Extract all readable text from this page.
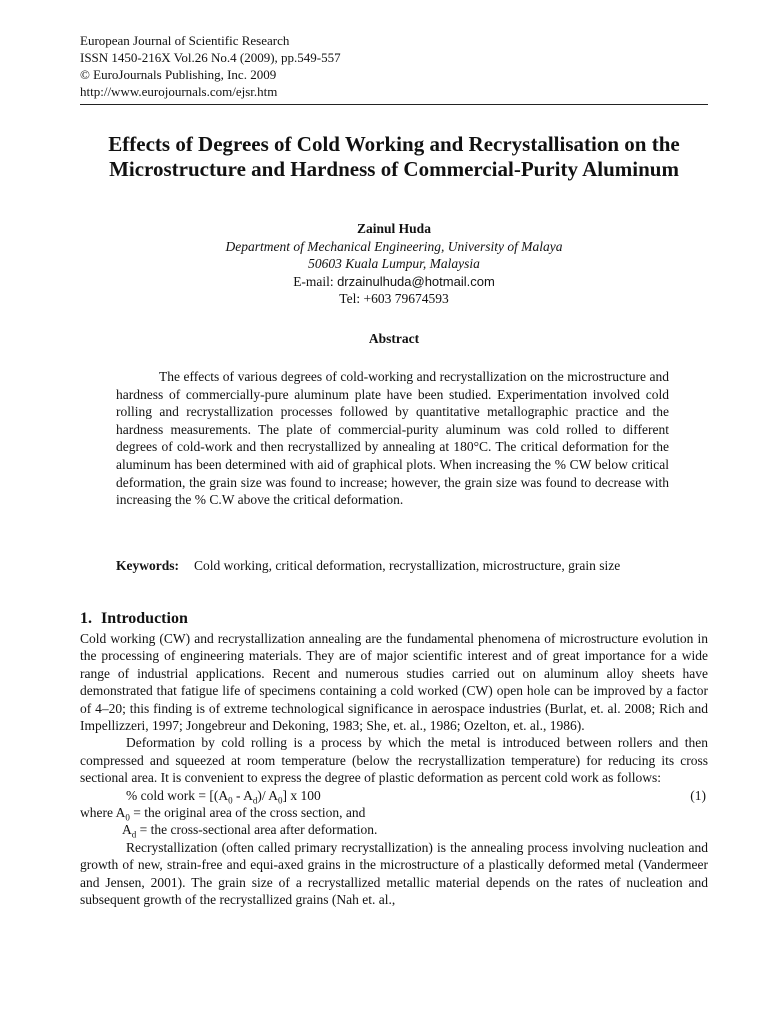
European Journal of Scientific Research
ISSN 1450-216X Vol.26 No.4 (2009), pp.549-557
© EuroJournals Publishing, Inc. 2009
http://www.eurojournals.com/ejsr.htm
Effects of Degrees of Cold Working and Recrystallisation on the
Microstructure and Hardness of Commercial-Purity Aluminum
Zainul Huda
Department of Mechanical Engineering, University of Malaya
50603 Kuala Lumpur, Malaysia
E-mail: drzainulhuda@hotmail.com
Tel: +603 79674593
Abstract
The effects of various degrees of cold-working and recrystallization on the microstructure and hardness of commercially-pure aluminum plate have been studied. Experimentation involved cold rolling and recrystallization processes followed by quantitative metallographic practice and the hardness measurements. The plate of commercial-purity aluminum was cold rolled to different degrees of cold-work and then recrystallized by annealing at 180°C. The critical deformation for the aluminum has been determined with aid of graphical plots. When increasing the % CW below critical deformation, the grain size was found to increase; however, the grain size was found to decrease with increasing the % C.W above the critical deformation.
Keywords:	Cold working, critical deformation, recrystallization, microstructure, grain size
1. Introduction

Cold working (CW) and recrystallization annealing are the fundamental phenomena of microstructure evolution in the processing of engineering materials. They are of major scientific interest and of great importance for a wide range of industrial applications. Recent and numerous studies carried out on aluminum alloy sheets have demonstrated that fatigue life of specimens containing a cold worked (CW) open hole can be improved by a factor of 4–20; this finding is of extreme technological significance in aerospace industries (Burlat, et. al. 2008; Rich and Impellizzeri, 1997; Jongebreur and Dekoning, 1983; She, et. al., 1986; Ozelton, et. al., 1986).

Deformation by cold rolling is a process by which the metal is introduced between rollers and then compressed and squeezed at room temperature (below the recrystallization temperature) for reducing its cross sectional area. It is convenient to express the degree of plastic deformation as percent cold work as follows:

% cold work = [$(A_0 - A_d)/$ $A_0$] x 100	(1)
where $A_0$ = the original area of the cross section, and
$A_d$ = the cross-sectional area after deformation.

Recrystallization (often called primary recrystallization) is the annealing process involving nucleation and growth of new, strain-free and equi-axed grains in the microstructure of a plastically deformed metal (Vandermeer and Jensen, 2001). The grain size of a recrystallized metallic material depends on the rates of nucleation and subsequent growth of the recrystallized grains (Nah et. al.,
